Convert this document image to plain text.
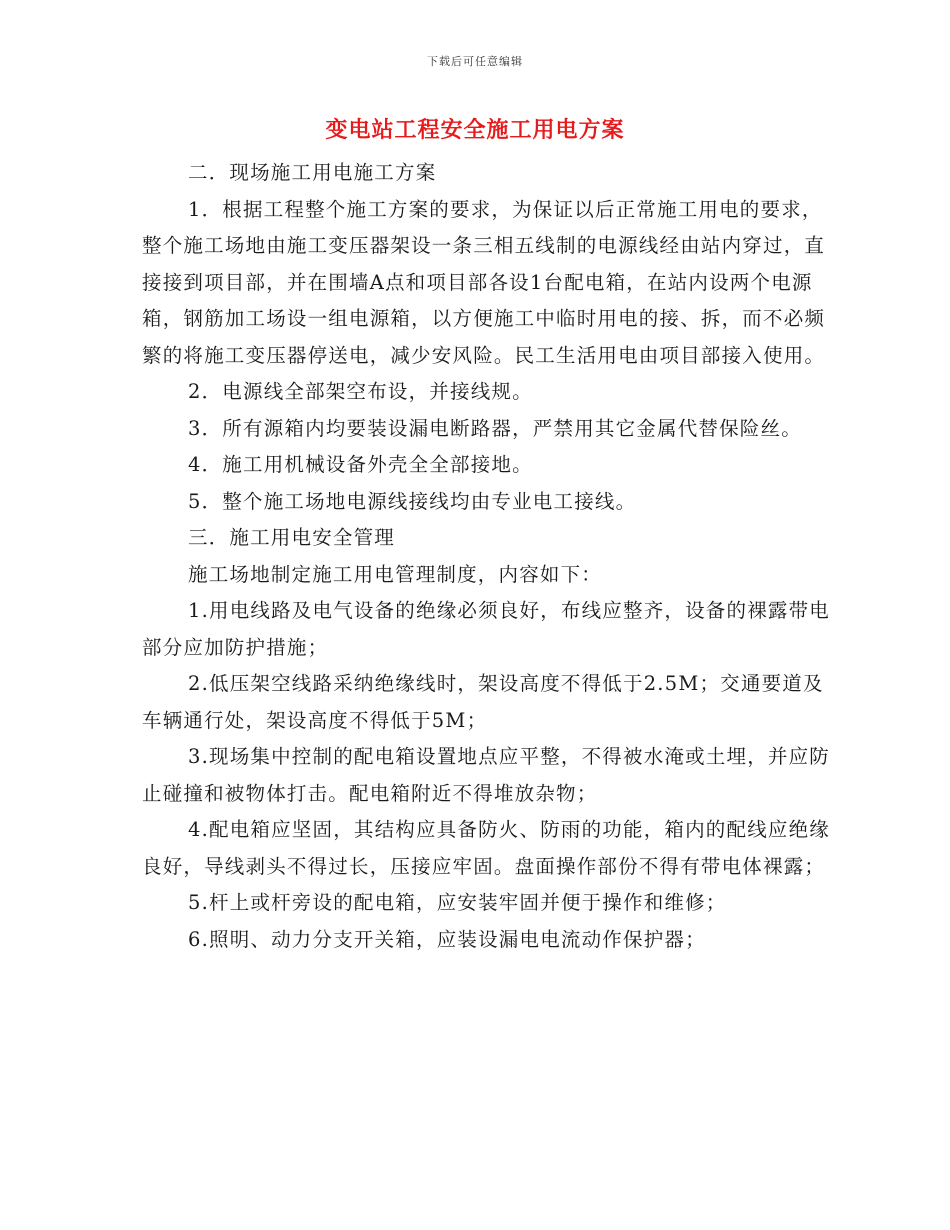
下载后可任意编辑
变电站工程安全施工用电方案

二．现场施工用电施工方案

1．根据工程整个施工方案的要求，为保证以后正常施工用电的要求，整个施工场地由施工变压器架设一条三相五线制的电源线经由站内穿过，直接接到项目部，并在围墙A点和项目部各设1台配电箱，在站内设两个电源箱，钢筋加工场设一组电源箱，以方便施工中临时用电的接、拆，而不必频繁的将施工变压器停送电，减少安风险。民工生活用电由项目部接入使用。

2．电源线全部架空布设，并接线规。

3．所有源箱内均要装设漏电断路器，严禁用其它金属代替保险丝。

4．施工用机械设备外壳全全部接地。

5．整个施工场地电源线接线均由专业电工接线。

三．施工用电安全管理

施工场地制定施工用电管理制度，内容如下：

1.用电线路及电气设备的绝缘必须良好，布线应整齐，设备的裸露带电部分应加防护措施；

2.低压架空线路采纳绝缘线时，架设高度不得低于2.5M；交通要道及车辆通行处，架设高度不得低于5M；

3.现场集中控制的配电箱设置地点应平整，不得被水淹或土埋，并应防止碰撞和被物体打击。配电箱附近不得堆放杂物；

4.配电箱应坚固，其结构应具备防火、防雨的功能，箱内的配线应绝缘良好，导线剥头不得过长，压接应牢固。盘面操作部份不得有带电体裸露；

5.杆上或杆旁设的配电箱，应安装牢固并便于操作和维修；

6.照明、动力分支开关箱，应装设漏电电流动作保护器；
